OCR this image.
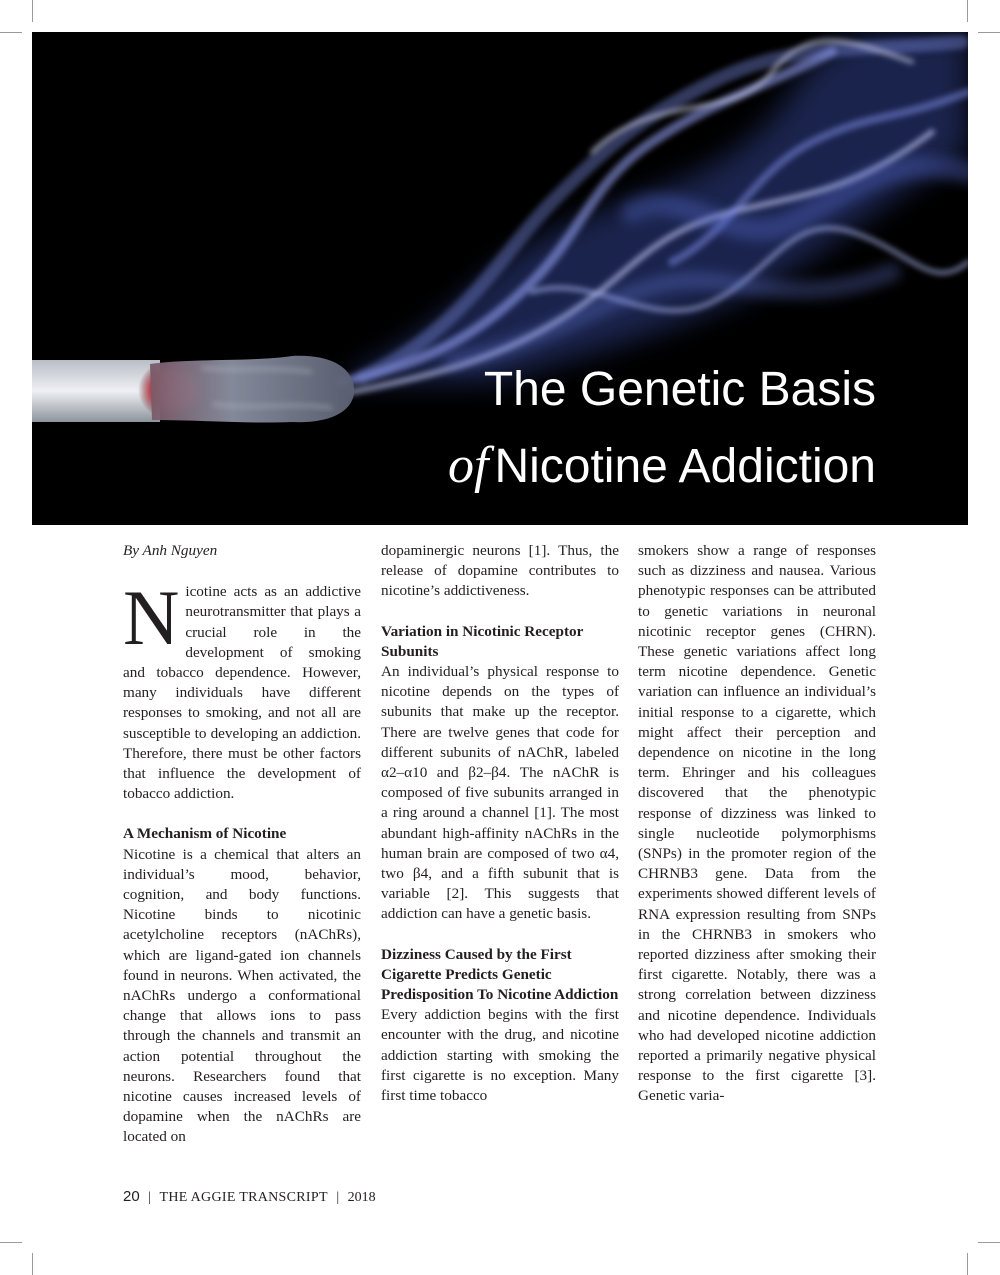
The Genetic Basis
of Nicotine Addiction

By Anh Nguyen

Nicotine acts as an addictive neurotransmitter that plays a crucial role in the development of smoking and tobacco dependence. However, many individuals have different responses to smoking, and not all are susceptible to developing an addiction. Therefore, there must be other factors that influence the development of tobacco addiction.

A Mechanism of Nicotine

Nicotine is a chemical that alters an individual’s mood, behavior, cognition, and body functions. Nicotine binds to nicotinic acetylcholine receptors (nAChRs), which are ligand-gated ion channels found in neurons. When activated, the nAChRs undergo a conformational change that allows ions to pass through the channels and transmit an action potential throughout the neurons. Researchers found that nicotine causes increased levels of dopamine when the nAChRs are located on

dopaminergic neurons [1]. Thus, the release of dopamine contributes to nicotine’s addictiveness.

Variation in Nicotinic Receptor Subunits

An individual’s physical response to nicotine depends on the types of subunits that make up the receptor. There are twelve genes that code for different subunits of nAChR, labeled α2–α10 and β2–β4. The nAChR is composed of five subunits arranged in a ring around a channel [1]. The most abundant high-affinity nAChRs in the human brain are composed of two α4, two β4, and a fifth subunit that is variable [2]. This suggests that addiction can have a genetic basis.

Dizziness Caused by the First Cigarette Predicts Genetic Predisposition To Nicotine Addiction

Every addiction begins with the first encounter with the drug, and nicotine addiction starting with smoking the first cigarette is no exception. Many first time tobacco

smokers show a range of responses such as dizziness and nausea. Various phenotypic responses can be attributed to genetic variations in neuronal nicotinic receptor genes (CHRN). These genetic variations affect long term nicotine dependence. Genetic variation can influence an individual’s initial response to a cigarette, which might affect their perception and dependence on nicotine in the long term. Ehringer and his colleagues discovered that the phenotypic response of dizziness was linked to single nucleotide polymorphisms (SNPs) in the promoter region of the CHRNB3 gene. Data from the experiments showed different levels of RNA expression resulting from SNPs in the CHRNB3 in smokers who reported dizziness after smoking their first cigarette. Notably, there was a strong correlation between dizziness and nicotine dependence. Individuals who had developed nicotine addiction reported a primarily negative physical response to the first cigarette [3]. Genetic varia-

20 | THE AGGIE TRANSCRIPT | 2018
